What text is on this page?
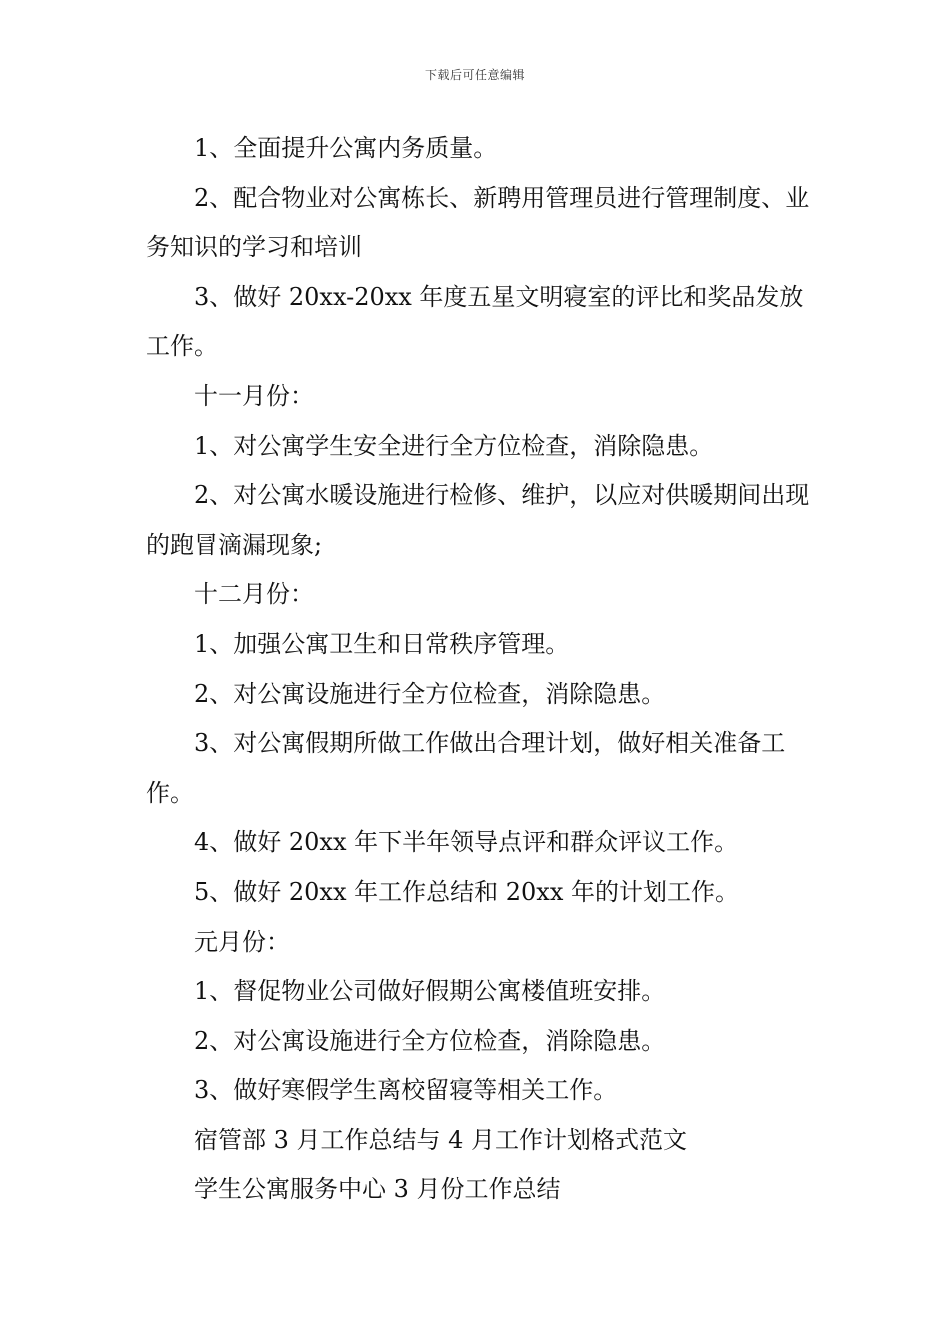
下载后可任意编辑

1、全面提升公寓内务质量。

2、配合物业对公寓栋长、新聘用管理员进行管理制度、业务知识的学习和培训

3、做好 20xx-20xx 年度五星文明寝室的评比和奖品发放工作。

十一月份：

1、对公寓学生安全进行全方位检查，消除隐患。

2、对公寓水暖设施进行检修、维护，以应对供暖期间出现的跑冒滴漏现象;

十二月份：

1、加强公寓卫生和日常秩序管理。

2、对公寓设施进行全方位检查，消除隐患。

3、对公寓假期所做工作做出合理计划，做好相关准备工作。

4、做好 20xx 年下半年领导点评和群众评议工作。

5、做好 20xx 年工作总结和 20xx 年的计划工作。

元月份：

1、督促物业公司做好假期公寓楼值班安排。

2、对公寓设施进行全方位检查，消除隐患。

3、做好寒假学生离校留寝等相关工作。

宿管部 3 月工作总结与 4 月工作计划格式范文

学生公寓服务中心 3 月份工作总结
